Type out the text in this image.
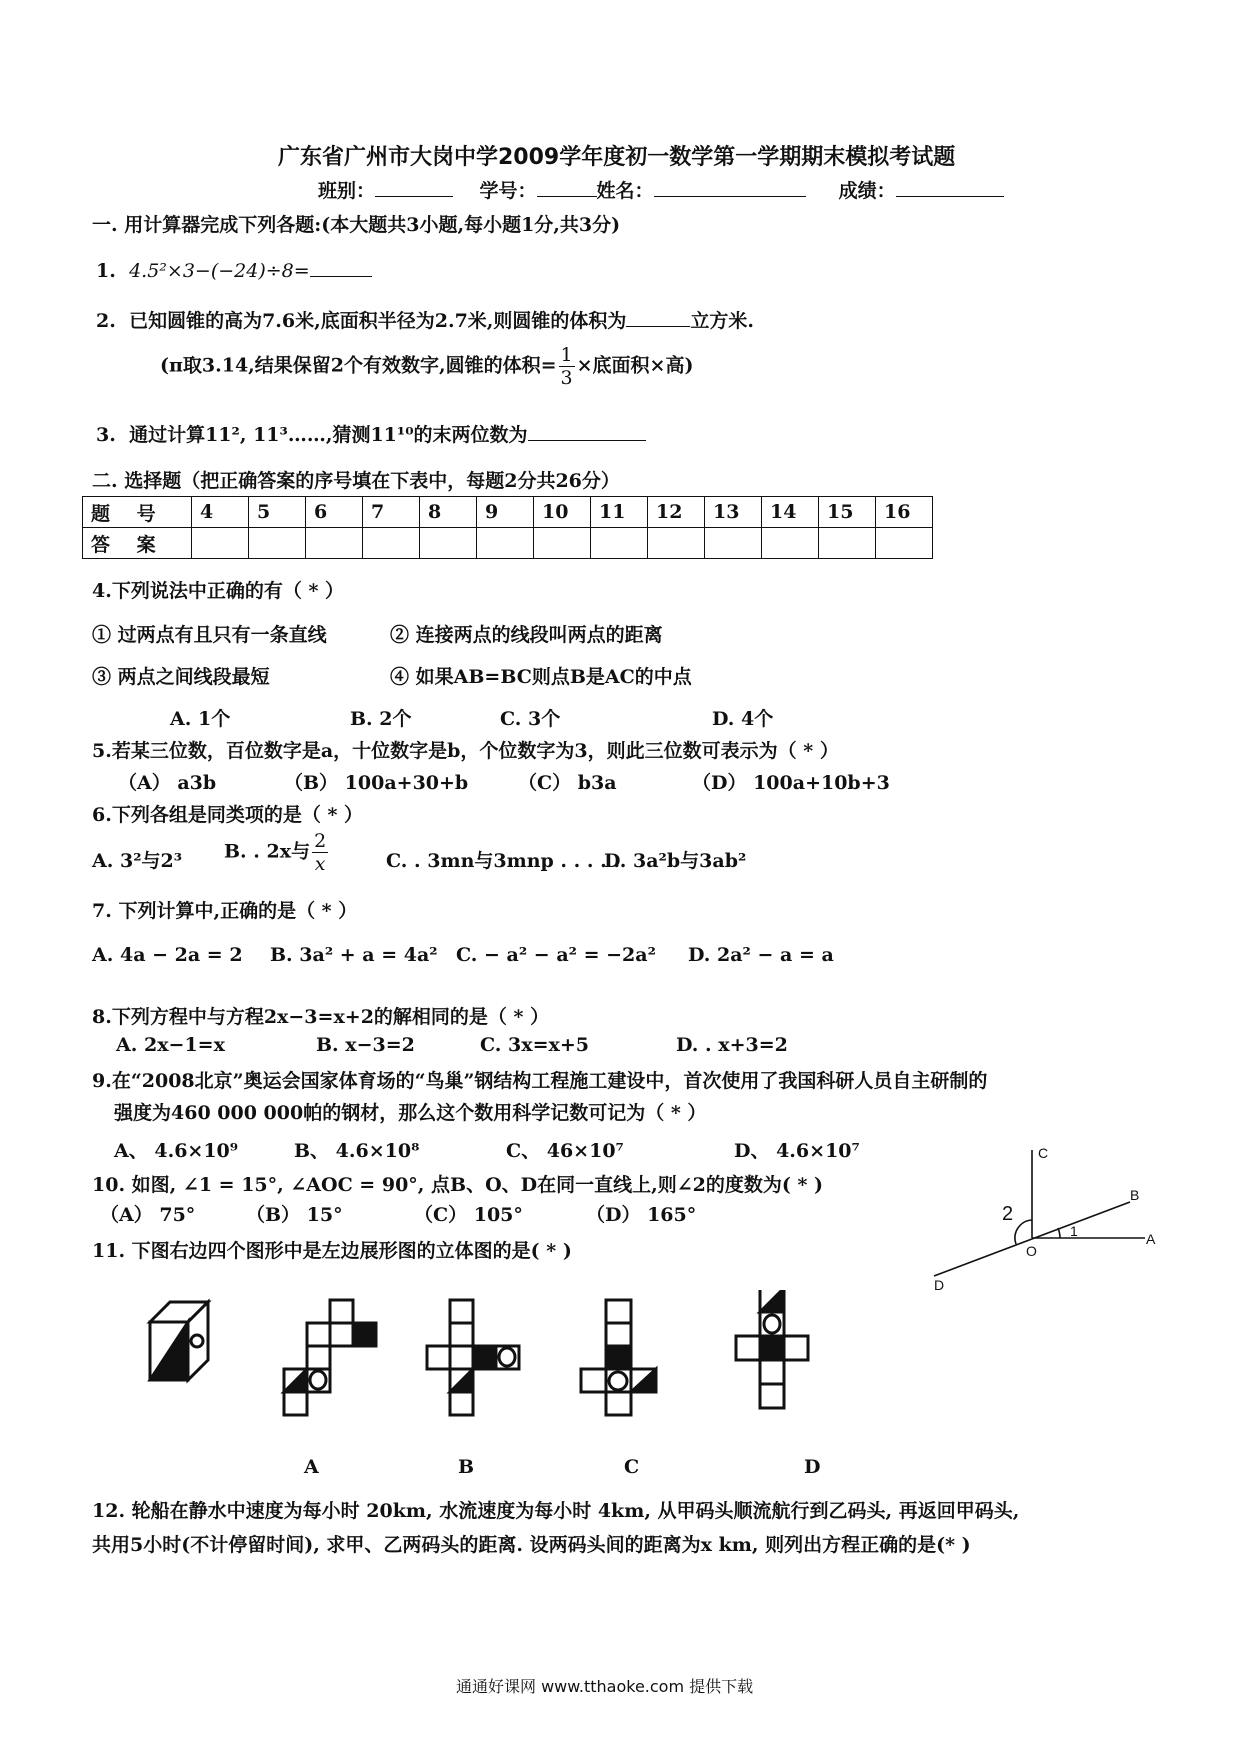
广东省广州市大岗中学2009学年度初一数学第一学期期末模拟考试题
班别：	学号：	姓名：	成绩：
一. 用计算器完成下列各题:(本大题共3小题,每小题1分,共3分)
1. 4.5²×3−(−24)÷8=
2. 已知圆锥的高为7.6米,底面积半径为2.7米,则圆锥的体积为	立方米.
(π取3.14,结果保留2个有效数字,圆锥的体积= $\frac{1}{3}$ ×底面积×高)
3. 通过计算11², 11³……,猜测11¹⁰的末两位数为
二. 选择题（把正确答案的序号填在下表中，每题2分共26分）
题 号	4	5	6	7	8	9	10	11	12	13	14	15	16
答 案													
4.下列说法中正确的有（ * ）
① 过两点有且只有一条直线	② 连接两点的线段叫两点的距离
③ 两点之间线段最短	④ 如果AB=BC则点B是AC的中点
A. 1个	B. 2个	C. 3个	D. 4个
5.若某三位数，百位数字是a，十位数字是b，个位数字为3，则此三位数可表示为（ * ）
（A） a3b	（B） 100a+30+b	（C） b3a	（D） 100a+10b+3
6.下列各组是同类项的是（ * ）
A. 3²与2³ B. . 2x与 $\frac{2}{x}$	C. . 3mn与3mnp . . . . .
D. 3a²b与3ab²
7. 下列计算中,正确的是（ * ）
A. 4a − 2a = 2 B. 3a² + a = 4a² C. − a² − a² = −2a² D. 2a² − a = a
8.下列方程中与方程2x−3=x+2的解相同的是（ * ）
A. 2x−1=x	B. x−3=2	C. 3x=x+5	D. . x+3=2
9.在“2008北京”奥运会国家体育场的“鸟巢”钢结构工程施工建设中，首次使用了我国科研人员自主研制的
强度为460 000 000帕的钢材，那么这个数用科学记数可记为（ * ）
A、 4.6×10⁹	B、 4.6×10⁸	C、 46×10⁷	D、 4.6×10⁷
10. 如图, ∠1 = 15°, ∠AOC = 90°, 点B、O、D在同一直线上,则∠2的度数为( * )
（A） 75°	（B） 15°	（C） 105°	（D） 165°
C
B
A
O
D
1
2
11. 下图右边四个图形中是左边展形图的立体图的是( * )
A	B	C	D
12. 轮船在静水中速度为每小时 20km, 水流速度为每小时 4km, 从甲码头顺流航行到乙码头, 再返回甲码头,
共用5小时(不计停留时间), 求甲、乙两码头的距离. 设两码头间的距离为x km, 则列出方程正确的是(* )
通通好课网 www.tthaoke.com 提供下载
